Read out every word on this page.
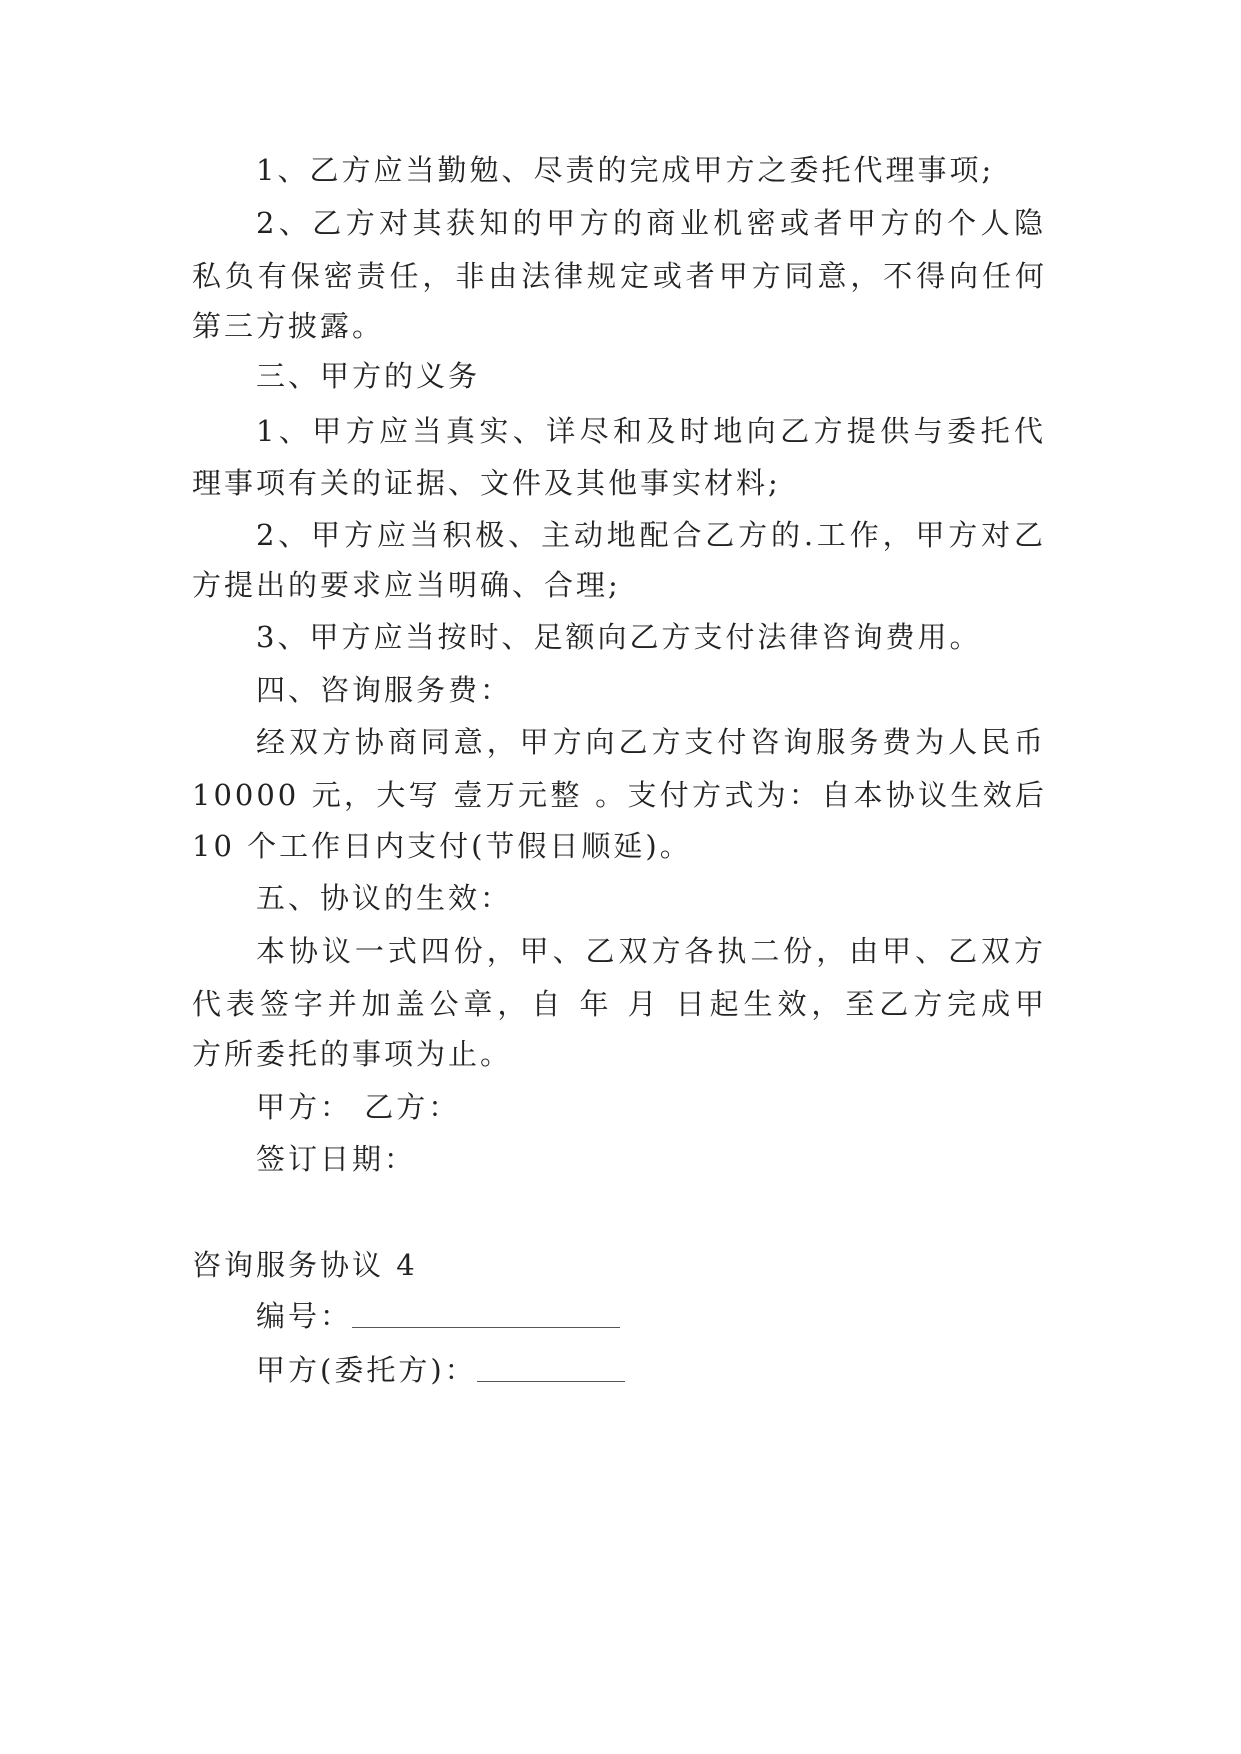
1、乙方应当勤勉、尽责的完成甲方之委托代理事项;
2、乙方对其获知的甲方的商业机密或者甲方的个人隐
私负有保密责任，非由法律规定或者甲方同意，不得向任何
第三方披露。
三、甲方的义务
1、甲方应当真实、详尽和及时地向乙方提供与委托代
理事项有关的证据、文件及其他事实材料;
2、甲方应当积极、主动地配合乙方的.工作，甲方对乙
方提出的要求应当明确、合理;
3、甲方应当按时、足额向乙方支付法律咨询费用。
四、咨询服务费：
经双方协商同意，甲方向乙方支付咨询服务费为人民币
10000 元，大写 壹万元整 。支付方式为：自本协议生效后
10 个工作日内支付(节假日顺延)。
五、协议的生效：
本协议一式四份，甲、乙双方各执二份，由甲、乙双方
代表签字并加盖公章，自 年 月 日起生效，至乙方完成甲
方所委托的事项为止。
甲方： 乙方：
签订日期：
咨询服务协议 4
编号：
甲方(委托方)：
